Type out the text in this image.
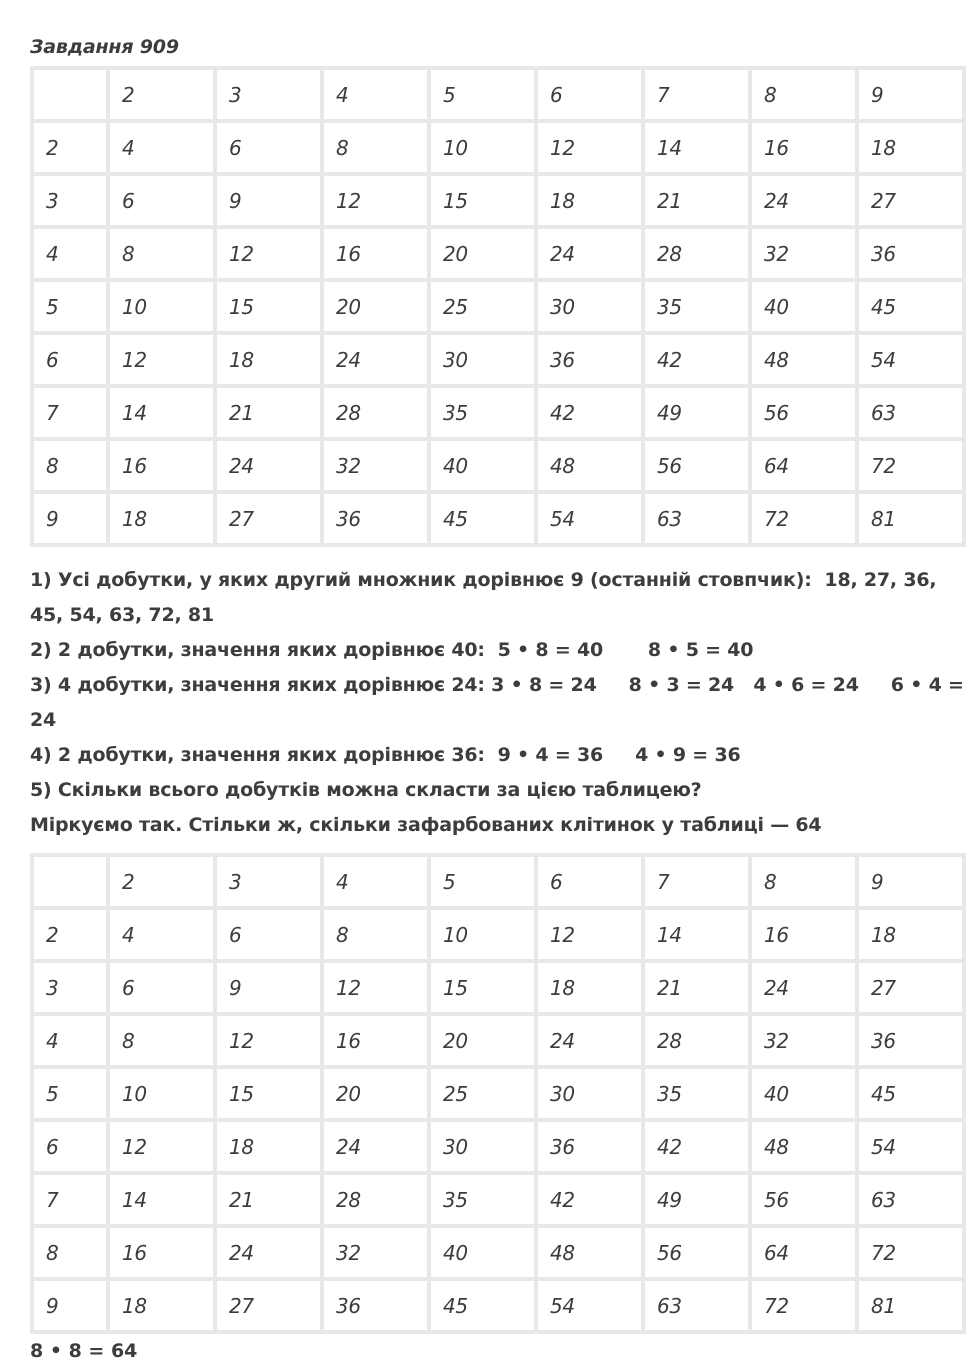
Завдання 909
	2	3	4	5	6	7	8	9
2	4	6	8	10	12	14	16	18
3	6	9	12	15	18	21	24	27
4	8	12	16	20	24	28	32	36
5	10	15	20	25	30	35	40	45
6	12	18	24	30	36	42	48	54
7	14	21	28	35	42	49	56	63
8	16	24	32	40	48	56	64	72
9	18	27	36	45	54	63	72	81

1) Усі добутки, у яких другий множник дорівнює 9 (останній стовпчик):  18, 27, 36, 45, 54, 63, 72, 81

2) 2 добутки, значення яких дорівнює 40:  5 • 8 = 40       8 • 5 = 40

3) 4 добутки, значення яких дорівнює 24: 3 • 8 = 24     8 • 3 = 24   4 • 6 = 24     6 • 4 = 24

4) 2 добутки, значення яких дорівнює 36:  9 • 4 = 36     4 • 9 = 36

5) Скільки всього добутків можна скласти за цією таблицею?

Міркуємо так. Стільки ж, скільки зафарбованих клітинок у таблиці — 64

	2	3	4	5	6	7	8	9
2	4	6	8	10	12	14	16	18
3	6	9	12	15	18	21	24	27
4	8	12	16	20	24	28	32	36
5	10	15	20	25	30	35	40	45
6	12	18	24	30	36	42	48	54
7	14	21	28	35	42	49	56	63
8	16	24	32	40	48	56	64	72
9	18	27	36	45	54	63	72	81
8 • 8 = 64
